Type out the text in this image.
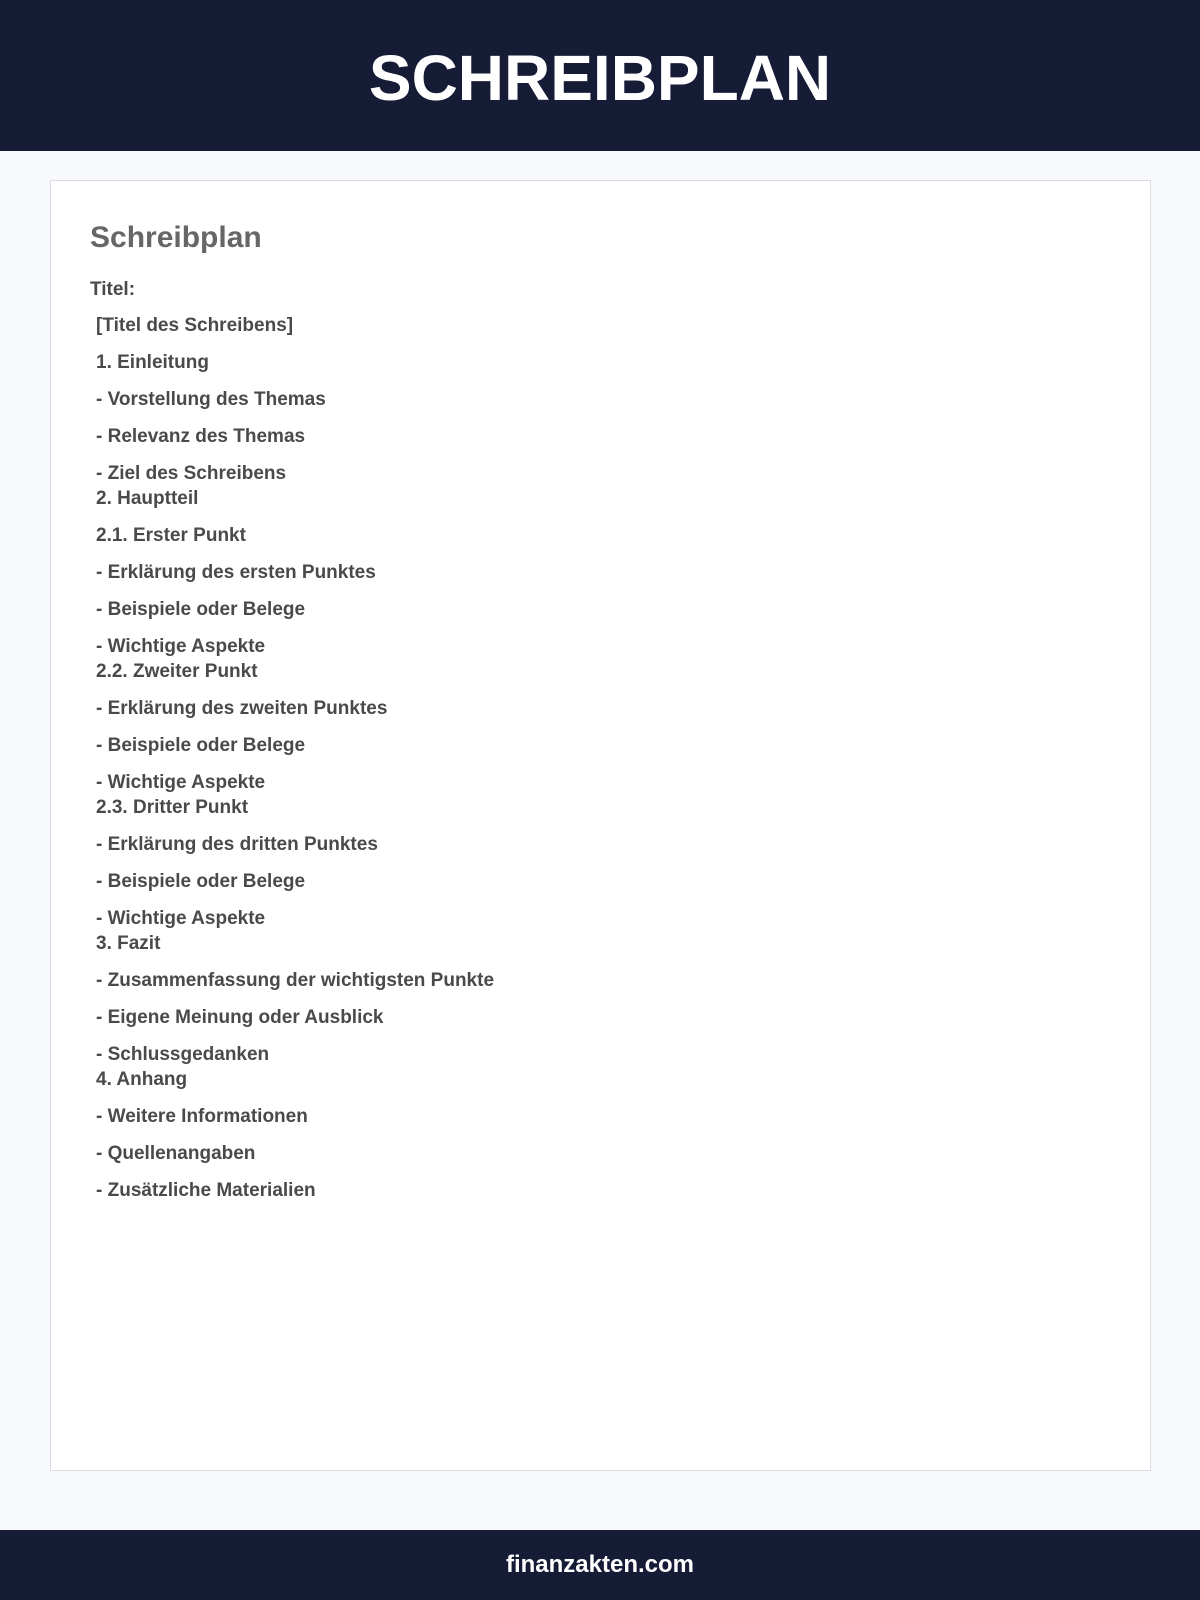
SCHREIBPLAN
Schreibplan
Titel:
[Titel des Schreibens]
1. Einleitung
- Vorstellung des Themas
- Relevanz des Themas
- Ziel des Schreibens
2. Hauptteil
2.1. Erster Punkt
- Erklärung des ersten Punktes
- Beispiele oder Belege
- Wichtige Aspekte
2.2. Zweiter Punkt
- Erklärung des zweiten Punktes
- Beispiele oder Belege
- Wichtige Aspekte
2.3. Dritter Punkt
- Erklärung des dritten Punktes
- Beispiele oder Belege
- Wichtige Aspekte
3. Fazit
- Zusammenfassung der wichtigsten Punkte
- Eigene Meinung oder Ausblick
- Schlussgedanken
4. Anhang
- Weitere Informationen
- Quellenangaben
- Zusätzliche Materialien
finanzakten.com
